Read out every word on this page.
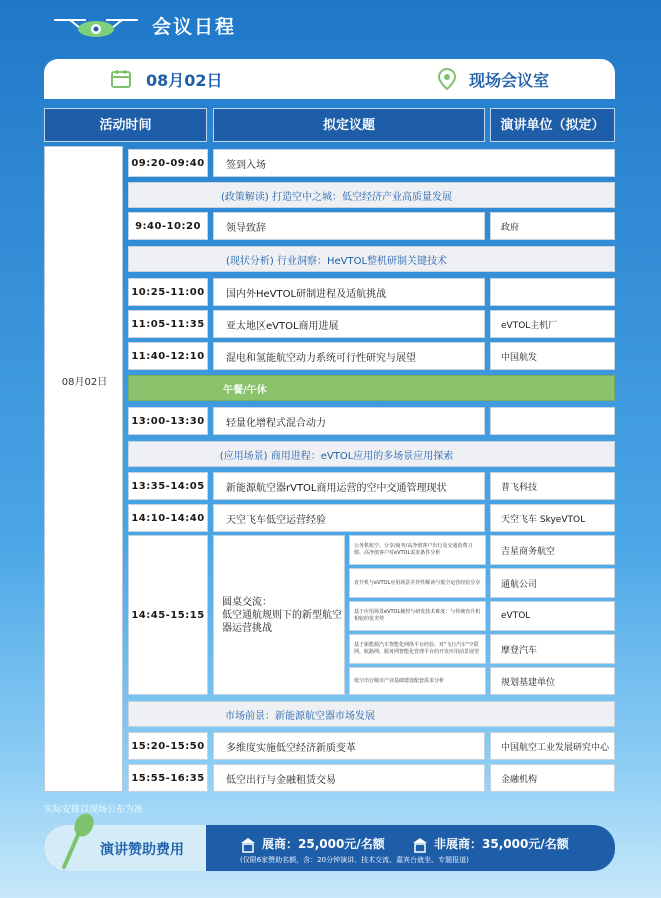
会议日程
08月02日	现场会议室
活动时间	拟定议题	演讲单位（拟定）
08月02日
09:20-09:40	签到入场
(政策解读) 打造空中之城：低空经济产业高质量发展
9:40-10:20	领导致辞	政府
(现状分析) 行业洞察：HeVTOL整机研制关键技术
10:25-11:00	国内外HeVTOL研制进程及适航挑战
11:05-11:35	亚太地区eVTOL商用进展	eVTOL主机厂
11:40-12:10	混电和氢能航空动力系统可行性研究与展望	中国航发
午餐/午休
13:00-13:30	轻量化增程式混合动力
(应用场景) 商用进程：eVTOL应用的多场景应用探索
13:35-14:05	新能源航空器rVTOL商用运营的空中交通管理现状	普飞科技
14:10-14:40	天空飞车低空运营经验	天空飞车 SkyeVTOL
14:45-15:15
圆桌交流：
低空通航规则下的新型航空
器运营挑战
公务机航空、分享/商务/高净值客户出行及交通消费习惯、高净值客户对eVTOL需求条件分析	吉星商务航空
直升机与eVTOL应用场景差异性解读与低空运营经验分享	通航公司
基于应用场景eVTOL操控与研发技术难度：与传统直升机相较的优劣势	eVTOL
基于新能源汽车智能化网络平台经验，对"飞行汽车"空联网、航路网、服务网智能化管理平台的开发应用前景展望	摩登汽车
低空出行城市产业基础建设配套需求分析	规划基建单位
市场前景：新能源航空器市场发展
15:20-15:50	多维度实施低空经济新质变革	中国航空工业发展研究中心
15:55-16:35	低空出行与金融租赁交易	金融机构
实际安排以现场公布为准
演讲赞助费用	展商：25,000元/名额	非展商：35,000元/名额
(仅限6家赞助名额，含：20分钟演讲、技术交流、嘉宾台就坐、专题报道)
